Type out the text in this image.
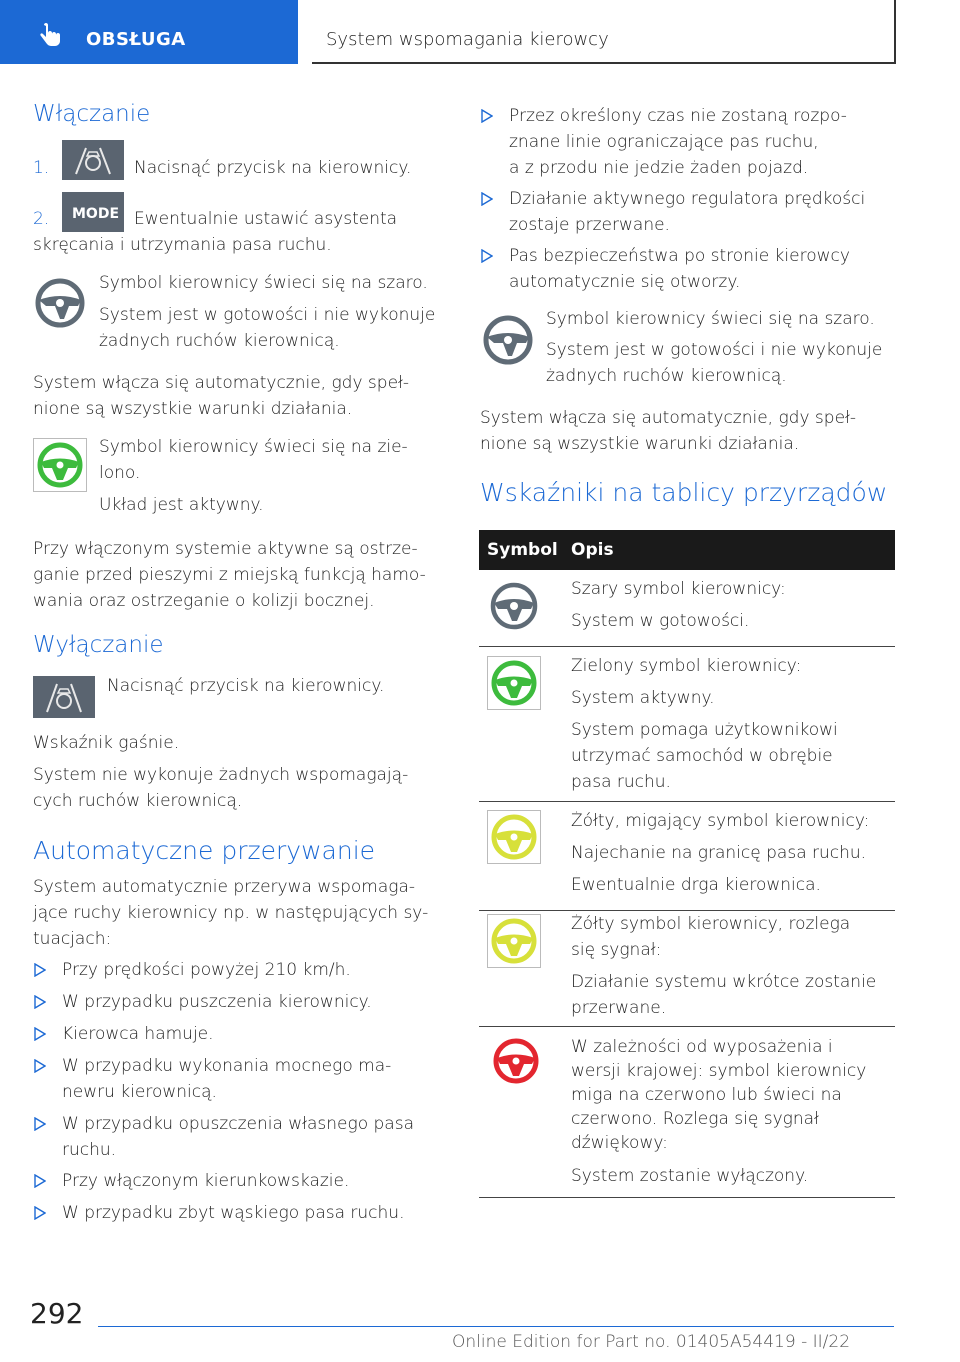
OBSŁUGA	System wspomagania kierowcy
Włączanie
1.	Nacisnąć przycisk na kierownicy.
2. MODE Ewentualnie ustawić asystenta
skręcania i utrzymania pasa ruchu.
Symbol kierownicy świeci się na szaro.
System jest w gotowości i nie wykonuje
żadnych ruchów kierownicą.
System włącza się automatycznie, gdy speł‐
nione są wszystkie warunki działania.
Symbol kierownicy świeci się na zie‐
lono.
Układ jest aktywny.
Przy włączonym systemie aktywne są ostrze‐
ganie przed pieszymi z miejską funkcją hamo‐
wania oraz ostrzeganie o kolizji bocznej.
Wyłączanie
Nacisnąć przycisk na kierownicy.
Wskaźnik gaśnie.
System nie wykonuje żadnych wspomagają‐
cych ruchów kierownicą.
Automatyczne przerywanie
System automatycznie przerywa wspomaga‐
jące ruchy kierownicy np. w następujących sy‐
tuacjach:
Przy prędkości powyżej 210 km/h.
W przypadku puszczenia kierownicy.
Kierowca hamuje.
W przypadku wykonania mocnego ma‐
newru kierownicą.
W przypadku opuszczenia własnego pasa
ruchu.
Przy włączonym kierunkowskazie.
W przypadku zbyt wąskiego pasa ruchu.
Przez określony czas nie zostaną rozpo‐
znane linie ograniczające pas ruchu,
a z przodu nie jedzie żaden pojazd.
Działanie aktywnego regulatora prędkości
zostaje przerwane.
Pas bezpieczeństwa po stronie kierowcy
automatycznie się otworzy.
Symbol kierownicy świeci się na szaro.
System jest w gotowości i nie wykonuje
żadnych ruchów kierownicą.
System włącza się automatycznie, gdy speł‐
nione są wszystkie warunki działania.
Wskaźniki na tablicy przyrządów
Symbol Opis
Szary symbol kierownicy:
System w gotowości.
Zielony symbol kierownicy:
System aktywny.
System pomaga użytkownikowi
utrzymać samochód w obrębie
pasa ruchu.
Żółty, migający symbol kierownicy:
Najechanie na granicę pasa ruchu.
Ewentualnie drga kierownica.
Żółty symbol kierownicy, rozlega
się sygnał:
Działanie systemu wkrótce zostanie
przerwane.
W zależności od wyposażenia i
wersji krajowej: symbol kierownicy
miga na czerwono lub świeci na
czerwono. Rozlega się sygnał
dźwiękowy:
System zostanie wyłączony.
292
Online Edition for Part no. 01405A54419 - II/22
